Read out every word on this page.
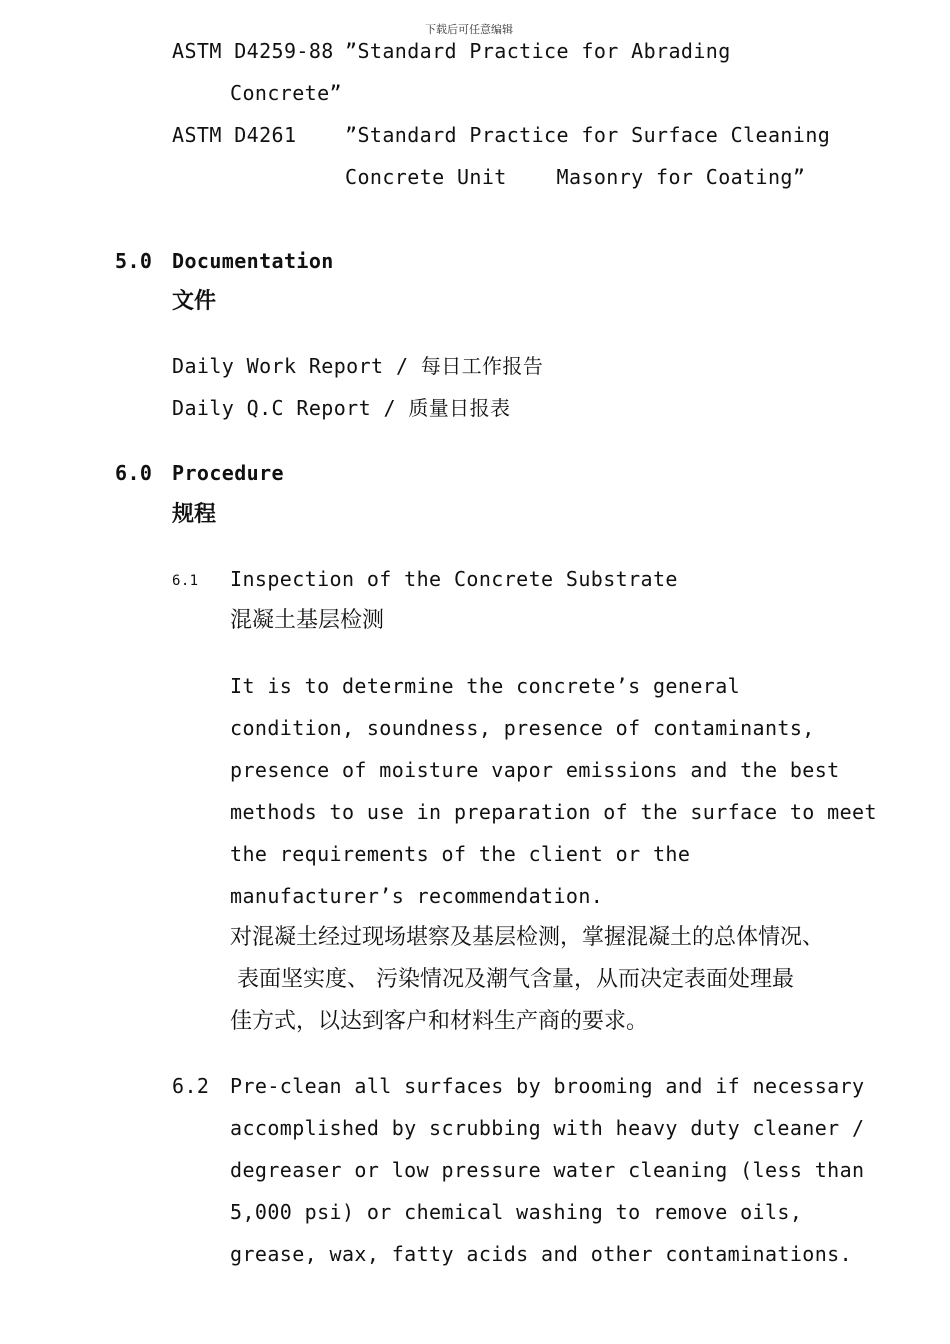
下载后可任意编辑
ASTM D4259-88 ”Standard Practice for Abrading
Concrete”
ASTM D4261 ”Standard Practice for Surface Cleaning
Concrete Unit    Masonry for Coating”
5.0 Documentation
文件
Daily Work Report / 每日工作报告
Daily Q.C Report / 质量日报表
6.0 Procedure
规程
6.1 Inspection of the Concrete Substrate
混凝土基层检测
It is to determine the concrete’s general
condition, soundness, presence of contaminants,
presence of moisture vapor emissions and the best
methods to use in preparation of the surface to meet
the requirements of the client or the
manufacturer’s recommendation.
对混凝土经过现场堪察及基层检测，掌握混凝土的总体情况、
表面坚实度、 污染情况及潮气含量，从而决定表面处理最
佳方式，以达到客户和材料生产商的要求。
6.2 Pre-clean all surfaces by brooming and if necessary
accomplished by scrubbing with heavy duty cleaner /
degreaser or low pressure water cleaning (less than
5,000 psi) or chemical washing to remove oils,
grease, wax, fatty acids and other contaminations.
